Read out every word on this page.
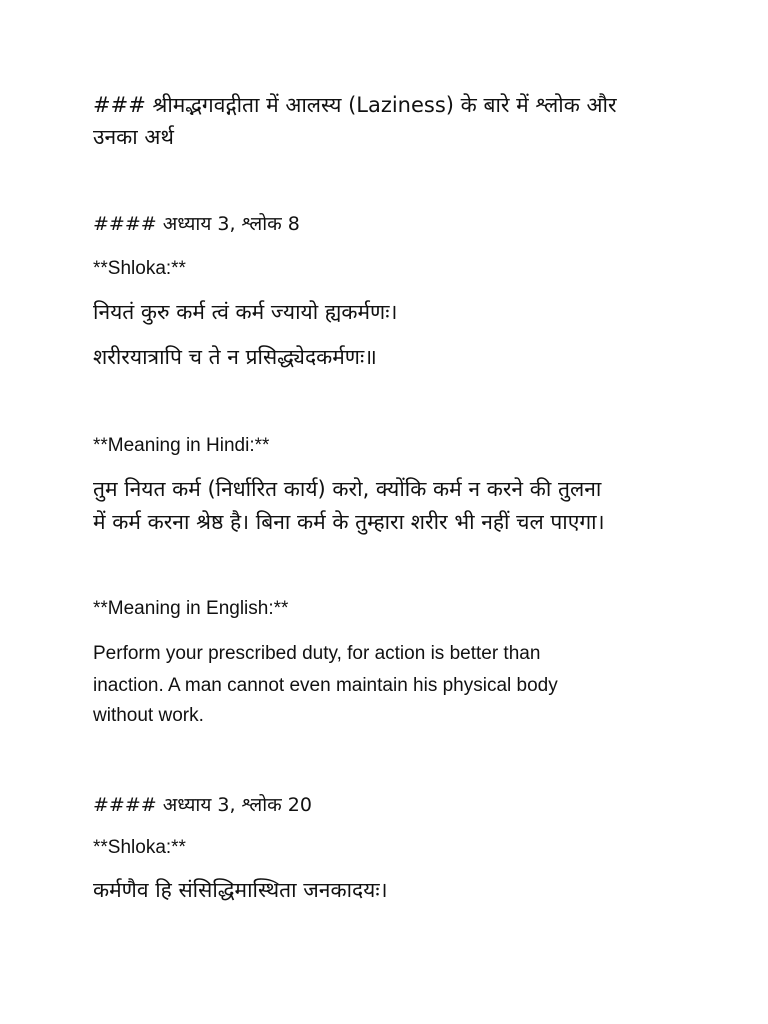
### श्रीमद्भगवद्गीता में आलस्य (Laziness) के बारे में श्लोक और

उनका अर्थ

#### अध्याय 3, श्लोक 8

**Shloka:**

नियतं कुरु कर्म त्वं कर्म ज्यायो ह्यकर्मणः।

शरीरयात्रापि च ते न प्रसिद्ध्येदकर्मणः॥

**Meaning in Hindi:**

तुम नियत कर्म (निर्धारित कार्य) करो, क्योंकि कर्म न करने की तुलना

में कर्म करना श्रेष्ठ है। बिना कर्म के तुम्हारा शरीर भी नहीं चल पाएगा।

**Meaning in English:**

Perform your prescribed duty, for action is better than

inaction. A man cannot even maintain his physical body

without work.

#### अध्याय 3, श्लोक 20

**Shloka:**

कर्मणैव हि संसिद्धिमास्थिता जनकादयः।
